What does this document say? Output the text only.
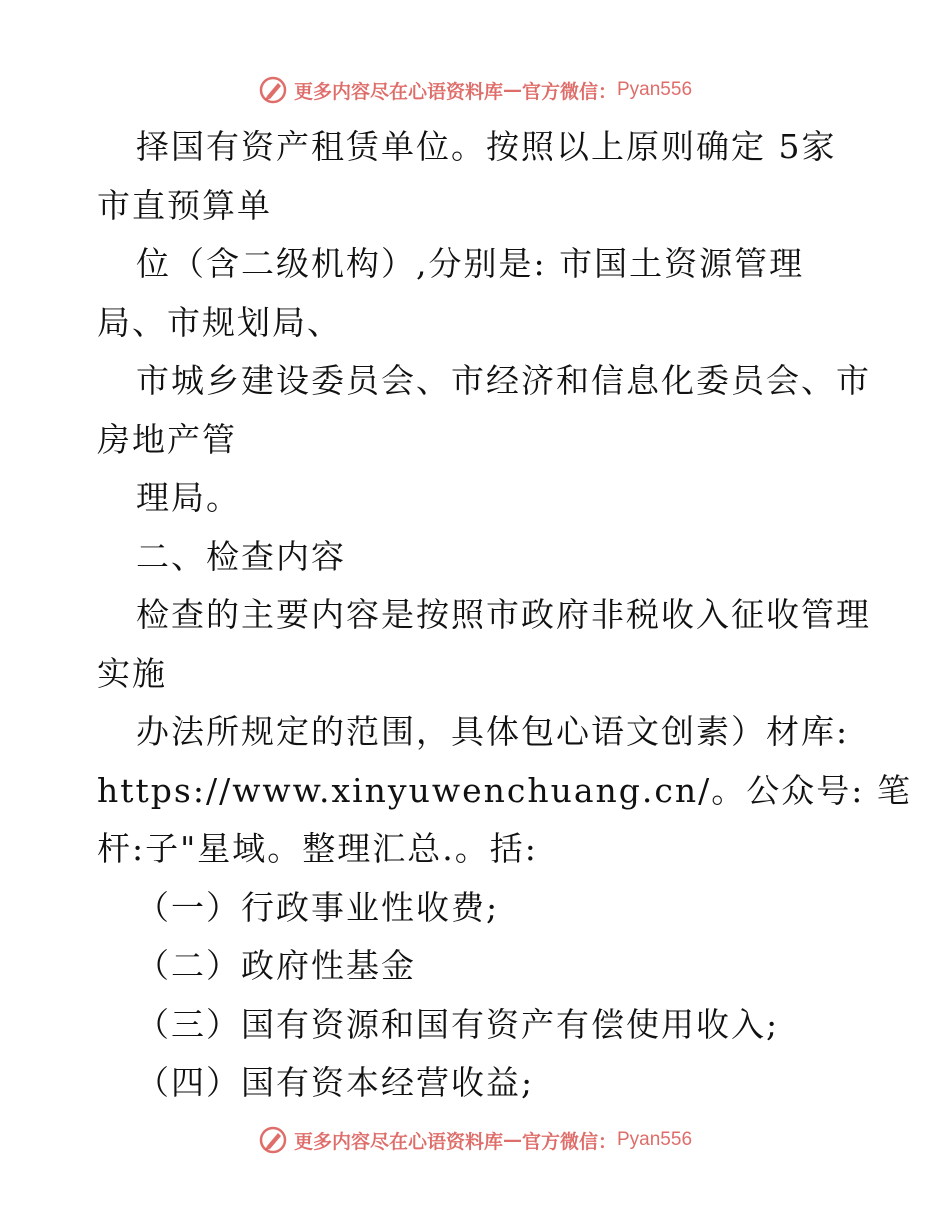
更多内容尽在心语资料库 — 官方微信： Pyan556
择国有资产租赁单位。按照以上原则确定 5家
市直预算单
位（含二级机构）,分别是: 市国土资源管理
局、市规划局、
市城乡建设委员会、市经济和信息化委员会、市
房地产管
理局。
二、检查内容
检查的主要内容是按照市政府非税收入征收管理
实施
办法所规定的范围，具体包心语文创素）材库:
https://www.xinyuwenchuang.cn/。公众号: 笔
杆:子"星域。整理汇总.。括:
（一）行政事业性收费;
（二）政府性基金
（三）国有资源和国有资产有偿使用收入;
（四）国有资本经营收益;
更多内容尽在心语资料库 — 官方微信： Pyan556
